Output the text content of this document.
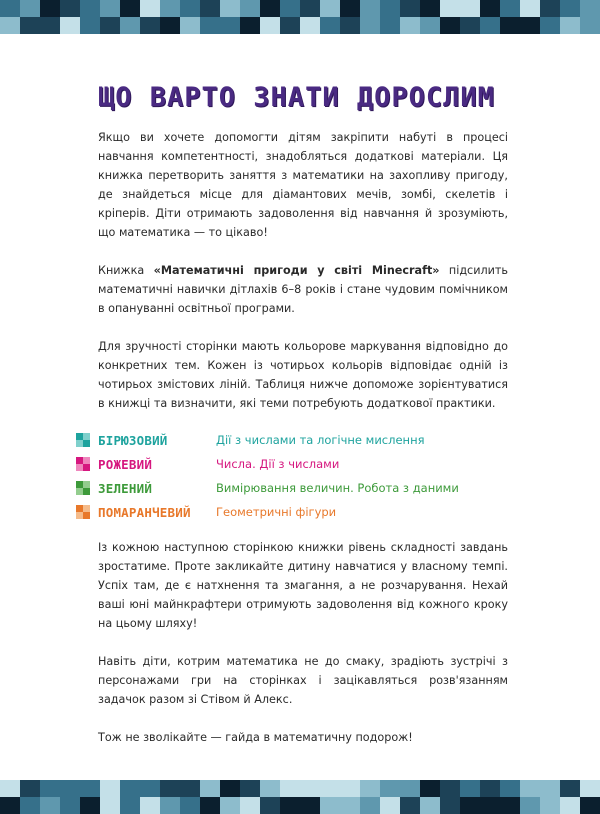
ЩО ВАРТО ЗНАТИ ДОРОСЛИМ

Якщо ви хочете допомогти дітям закріпити набуті в процесі навчання компетентності, знадобляться додаткові матеріали. Ця книжка перетворить заняття з математики на захопливу пригоду, де знайдеться місце для діамантових мечів, зомбі, скелетів і кріперів. Діти отримають задоволення від навчання й зрозуміють, що математика — то цікаво!

Книжка «Математичні пригоди у світі Minecraft» підсилить математичні навички дітлахів 6–8 років і стане чудовим помічником в опануванні освітньої програми.

Для зручності сторінки мають кольорове маркування відповідно до конкретних тем. Кожен із чотирьох кольорів відповідає одній із чотирьох змістових ліній. Таблиця нижче допоможе зорієнтуватися в книжці та визначити, які теми потребують додаткової практики.

БІРЮЗОВИЙ	Дії з числами та логічне мислення
РОЖЕВИЙ	Числа. Дії з числами
ЗЕЛЕНИЙ	Вимірювання величин. Робота з даними
ПОМАРАНЧЕВИЙ	Геометричні фігури

Із кожною наступною сторінкою книжки рівень складності завдань зростатиме. Проте закликайте дитину навчатися у власному темпі. Успіх там, де є натхнення та змагання, а не розчарування. Нехай ваші юні майнкрафтери отримують задоволення від кожного кроку на цьому шляху!

Навіть діти, котрим математика не до смаку, зрадіють зустрічі з персонажами гри на сторінках і зацікавляться розв'язанням задачок разом зі Стівом й Алекс.

Тож не зволікайте — гайда в математичну подорож!
